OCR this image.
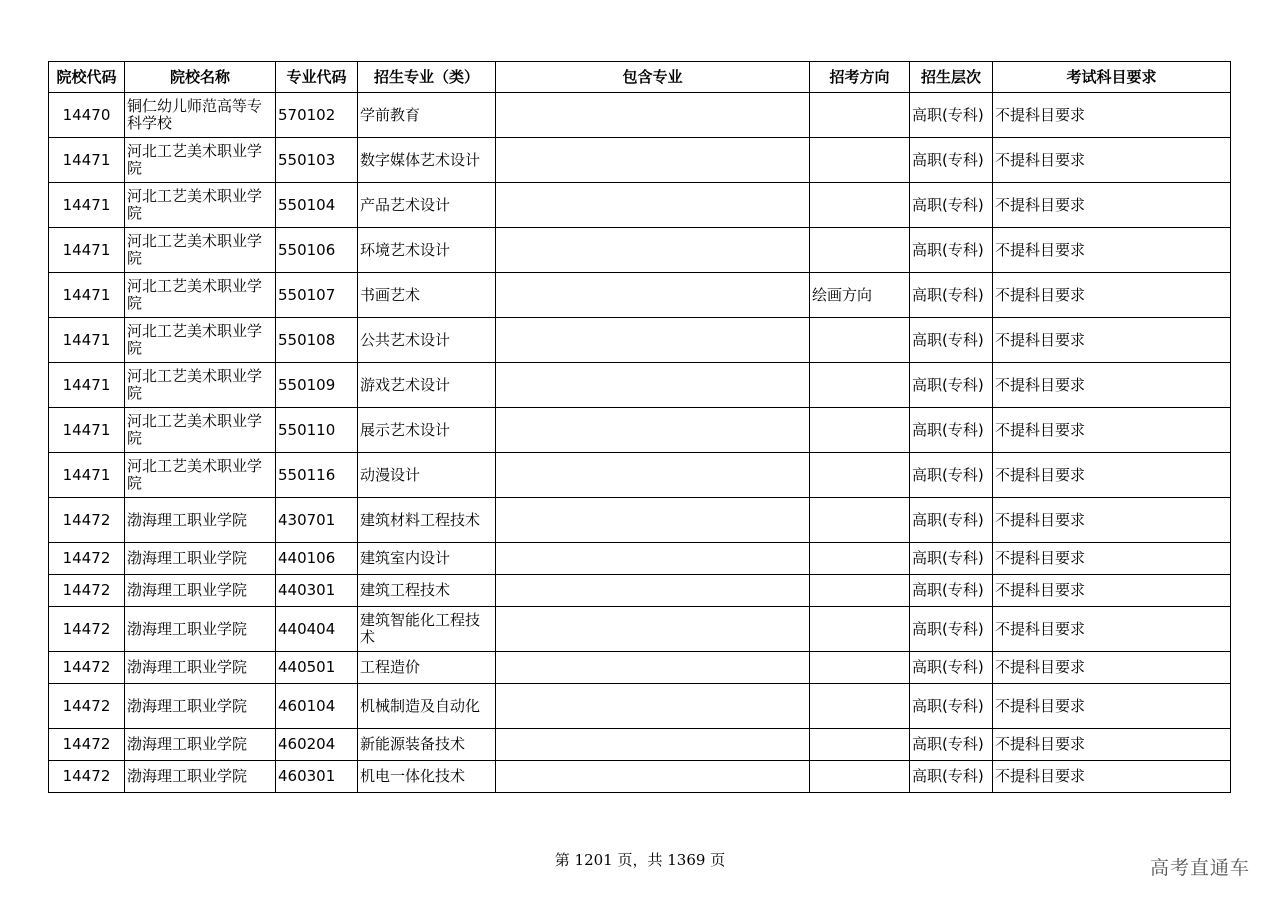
院校代码	院校名称	专业代码	招生专业（类）	包含专业	招考方向	招生层次	考试科目要求
14470	铜仁幼儿师范高等专科学校	570102	学前教育			高职(专科)	不提科目要求
14471	河北工艺美术职业学院	550103	数字媒体艺术设计			高职(专科)	不提科目要求
14471	河北工艺美术职业学院	550104	产品艺术设计			高职(专科)	不提科目要求
14471	河北工艺美术职业学院	550106	环境艺术设计			高职(专科)	不提科目要求
14471	河北工艺美术职业学院	550107	书画艺术		绘画方向	高职(专科)	不提科目要求
14471	河北工艺美术职业学院	550108	公共艺术设计			高职(专科)	不提科目要求
14471	河北工艺美术职业学院	550109	游戏艺术设计			高职(专科)	不提科目要求
14471	河北工艺美术职业学院	550110	展示艺术设计			高职(专科)	不提科目要求
14471	河北工艺美术职业学院	550116	动漫设计			高职(专科)	不提科目要求
14472	渤海理工职业学院	430701	建筑材料工程技术			高职(专科)	不提科目要求
14472	渤海理工职业学院	440106	建筑室内设计			高职(专科)	不提科目要求
14472	渤海理工职业学院	440301	建筑工程技术			高职(专科)	不提科目要求
14472	渤海理工职业学院	440404	建筑智能化工程技术			高职(专科)	不提科目要求
14472	渤海理工职业学院	440501	工程造价			高职(专科)	不提科目要求
14472	渤海理工职业学院	460104	机械制造及自动化			高职(专科)	不提科目要求
14472	渤海理工职业学院	460204	新能源装备技术			高职(专科)	不提科目要求
14472	渤海理工职业学院	460301	机电一体化技术			高职(专科)	不提科目要求
第 1201 页，共 1369 页	高考直通车
